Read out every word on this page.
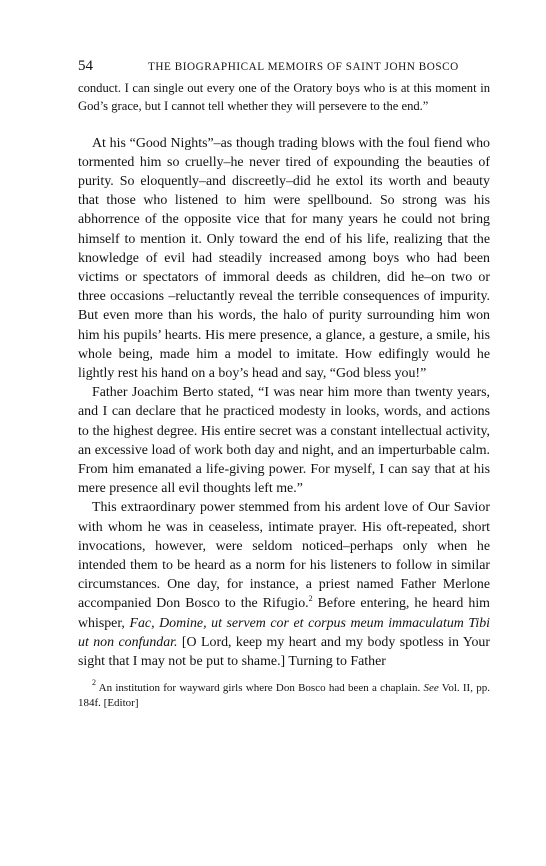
54	THE BIOGRAPHICAL MEMOIRS OF SAINT JOHN BOSCO

conduct. I can single out every one of the Oratory boys who is at this moment in God’s grace, but I cannot tell whether they will persevere to the end.”

At his “Good Nights”–as though trading blows with the foul fiend who tormented him so cruelly–he never tired of expounding the beauties of purity. So eloquently–and discreetly–did he extol its worth and beauty that those who listened to him were spellbound. So strong was his abhorrence of the opposite vice that for many years he could not bring himself to mention it. Only toward the end of his life, realizing that the knowledge of evil had steadily increased among boys who had been victims or spectators of immoral deeds as children, did he–on two or three occasions –reluctantly reveal the terrible consequences of impurity. But even more than his words, the halo of purity surrounding him won him his pupils’ hearts. His mere presence, a glance, a gesture, a smile, his whole being, made him a model to imitate. How edifingly would he lightly rest his hand on a boy’s head and say, “God bless you!”

Father Joachim Berto stated, “I was near him more than twenty years, and I can declare that he practiced modesty in looks, words, and actions to the highest degree. His entire secret was a constant intellectual activity, an excessive load of work both day and night, and an imperturbable calm. From him emanated a life-giving power. For myself, I can say that at his mere presence all evil thoughts left me.”

This extraordinary power stemmed from his ardent love of Our Savior with whom he was in ceaseless, intimate prayer. His oft-repeated, short invocations, however, were seldom noticed–perhaps only when he intended them to be heard as a norm for his listeners to follow in similar circumstances. One day, for instance, a priest named Father Merlone accompanied Don Bosco to the Rifugio.$^2$ Before entering, he heard him whisper, Fac, Domine, ut servem cor et corpus meum immaculatum Tibi ut non confundar. [O Lord, keep my heart and my body spotless in Your sight that I may not be put to shame.] Turning to Father

$^2$ An institution for wayward girls where Don Bosco had been a chaplain. See Vol. II, pp. 184f. [Editor]
